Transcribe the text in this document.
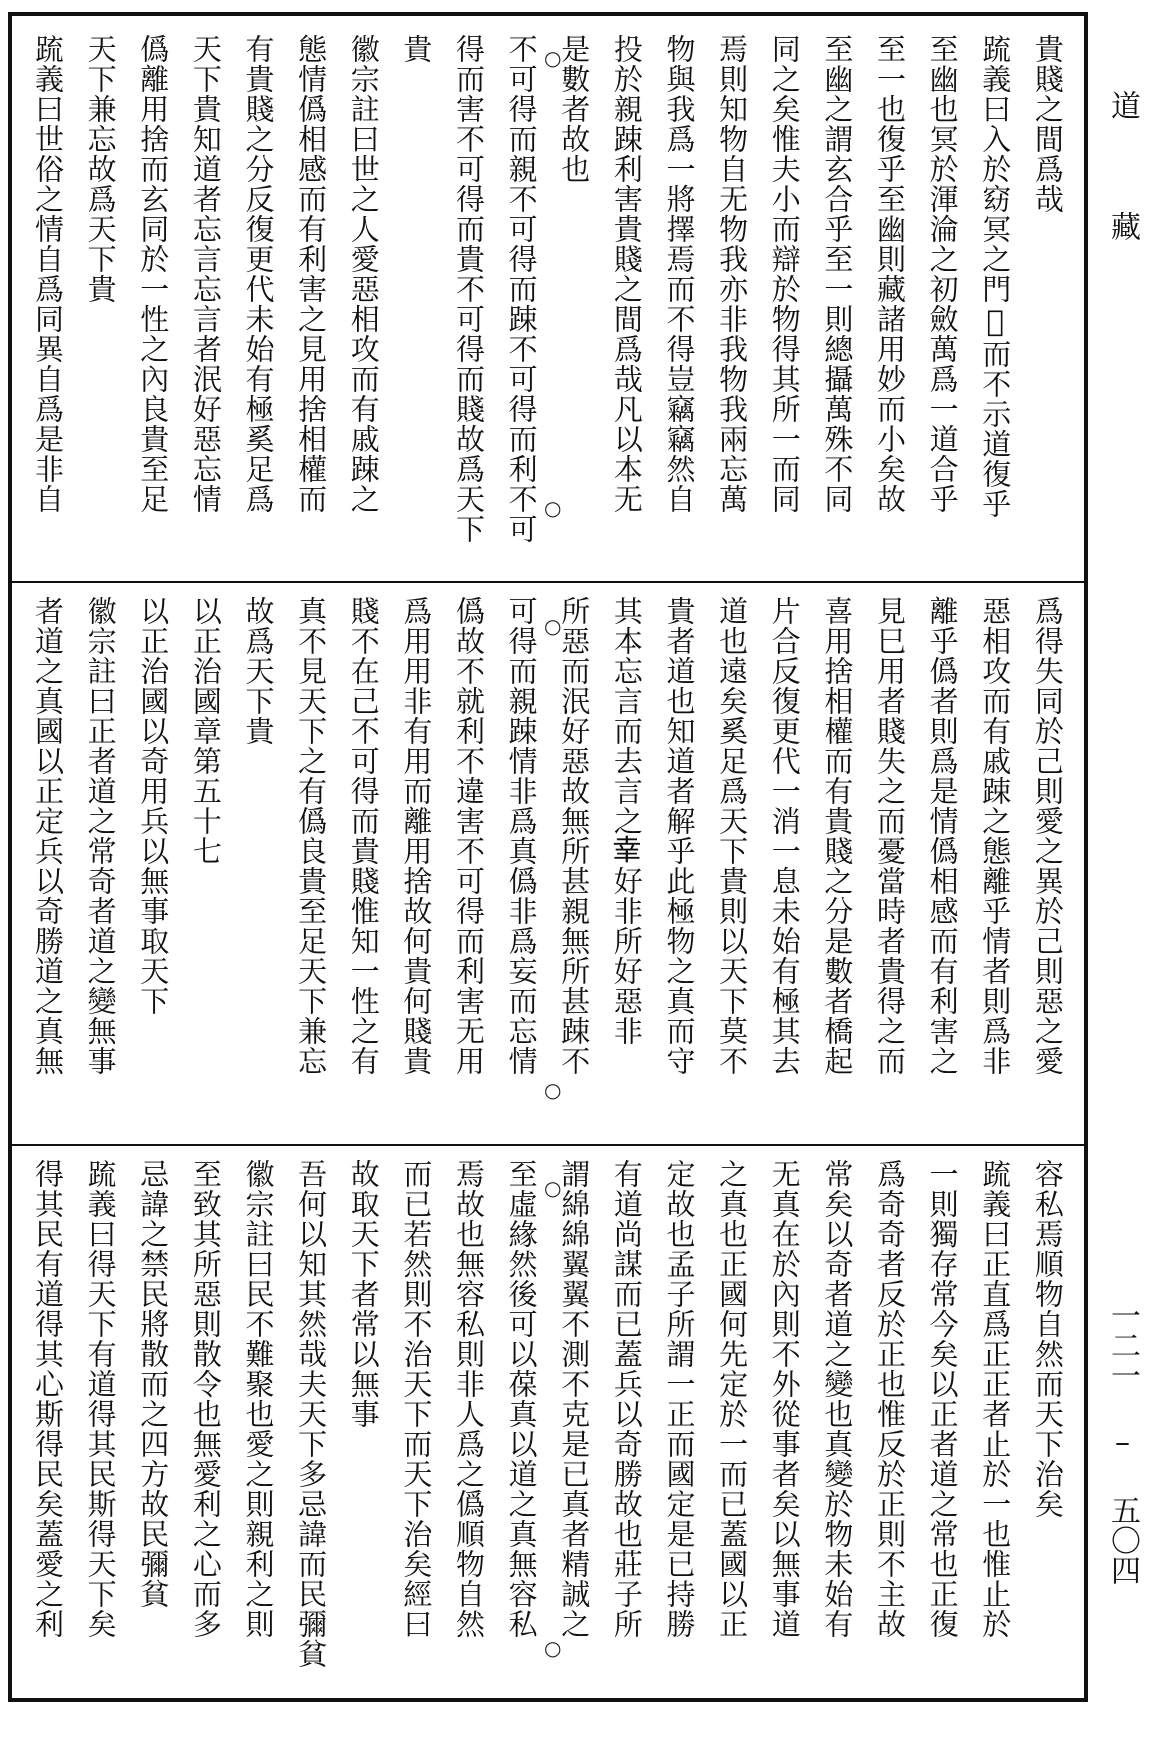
道 藏
一二一 – 五〇四
貴賤之間爲哉
䟽義曰入於窈冥之門𢛯而不示道復乎
至幽也冥於渾淪之初斂萬爲一道合乎
至一也復乎至幽則藏諸用妙而小矣故
至幽之謂玄合乎至一則總攝萬殊不同
同之矣惟夫小而辯於物得其所一而同
焉則知物自无物我亦非我物我兩忘萬
物與我爲一將擇焉而不得豈竊竊然自
投於親踈利害貴賤之間爲哉凡以本无
是數者故也
不可得而親不可得而踈不可得而利不可
得而害不可得而貴不可得而賤故爲天下
貴
徽宗註曰世之人愛惡相攻而有戚踈之
態情僞相感而有利害之見用捨相權而
有貴賤之分反復更代未始有極奚足爲
天下貴知道者忘言忘言者泯好惡忘情
僞離用捨而玄同於一性之內良貴至足
天下兼忘故爲天下貴
䟽義曰世俗之情自爲同異自爲是非自
爲得失同於己則愛之異於己則惡之愛
惡相攻而有戚踈之態離乎情者則爲非
離乎僞者則爲是情僞相感而有利害之
見巳用者賤失之而憂當時者貴得之而
喜用捨相權而有貴賤之分是數者橋起
片合反復更代一消一息未始有極其去
道也遠矣奚足爲天下貴則以天下莫不
貴者道也知道者解乎此極物之真而守
其本忘言而去言之𦍒好非所好惡非
所惡而泯好惡故無所甚親無所甚踈不
可得而親踈情非爲真僞非爲妄而忘情
僞故不就利不違害不可得而利害无用
爲用用非有用而離用捨故何貴何賤貴
賤不在己不可得而貴賤惟知一性之有
真不見天下之有僞良貴至足天下兼忘
故爲天下貴
以正治國章第五十七
以正治國以奇用兵以無事取天下
徽宗註曰正者道之常奇者道之變無事
者道之真國以正定兵以奇勝道之真無
容私焉順物自然而天下治矣
䟽義曰正直爲正正者止於一也惟止於
一則獨存常今矣以正者道之常也正復
爲奇奇者反於正也惟反於正則不主故
常矣以奇者道之變也真變於物未始有
无真在於內則不外從事者矣以無事道
之真也正國何先定於一而已蓋國以正
定故也孟子所謂一正而國定是已持勝
有道尚謀而已蓋兵以奇勝故也莊子所
謂綿綿翼翼不測不克是已真者精誠之
至虛緣然後可以葆真以道之真無容私
焉故也無容私則非人爲之僞順物自然
而已若然則不治天下而天下治矣經曰
故取天下者常以無事
吾何以知其然哉夫天下多忌諱而民彌貧
徽宗註曰民不難聚也愛之則親利之則
至致其所惡則散令也無愛利之心而多
忌諱之禁民將散而之四方故民彌貧
䟽義曰得天下有道得其民斯得天下矣
得其民有道得其心斯得民矣蓋愛之利
○
○
○
○
○
○
